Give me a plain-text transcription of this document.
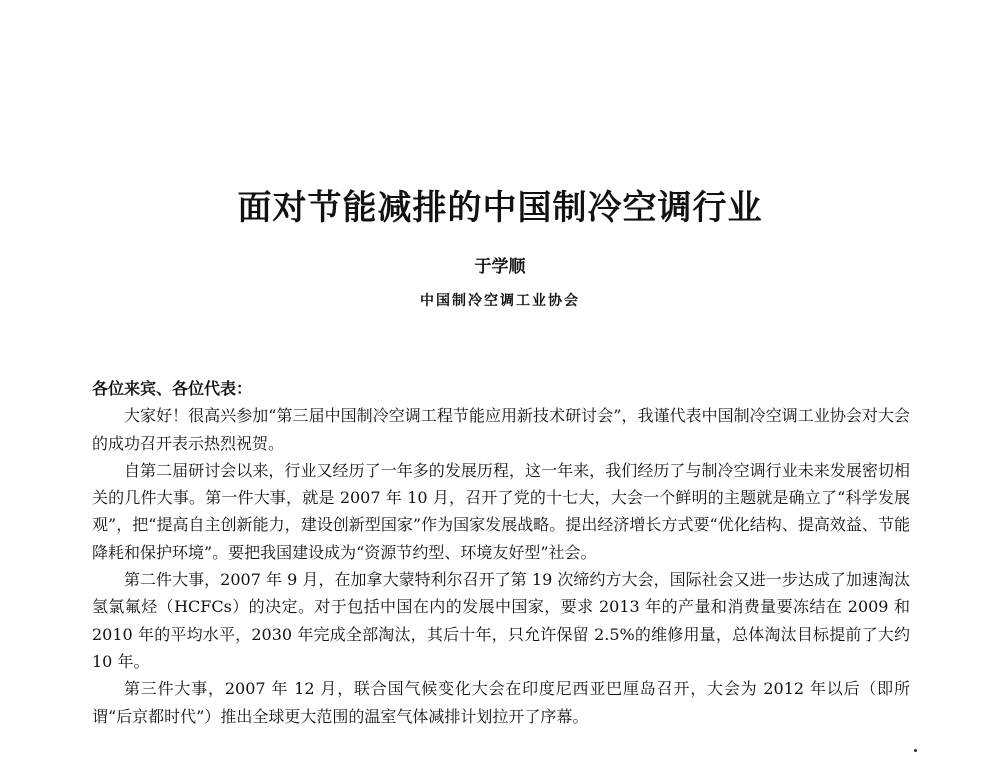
面对节能减排的中国制冷空调行业
于学顺
中国制冷空调工业协会

各位来宾、各位代表：

大家好！很高兴参加“第三届中国制冷空调工程节能应用新技术研讨会”，我谨代表中国制冷空调工业协会对大会的成功召开表示热烈祝贺。

自第二届研讨会以来，行业又经历了一年多的发展历程，这一年来，我们经历了与制冷空调行业未来发展密切相关的几件大事。第一件大事，就是 2007 年 10 月，召开了党的十七大，大会一个鲜明的主题就是确立了“科学发展观”，把“提高自主创新能力，建设创新型国家”作为国家发展战略。提出经济增长方式要“优化结构、提高效益、节能降耗和保护环境”。要把我国建设成为“资源节约型、环境友好型”社会。

第二件大事，2007 年 9 月，在加拿大蒙特利尔召开了第 19 次缔约方大会，国际社会又进一步达成了加速淘汰氢氯氟烃（HCFCs）的决定。对于包括中国在内的发展中国家，要求 2013 年的产量和消费量要冻结在 2009 和 2010 年的平均水平，2030 年完成全部淘汰，其后十年，只允许保留 2.5%的维修用量，总体淘汰目标提前了大约 10 年。

第三件大事，2007 年 12 月，联合国气候变化大会在印度尼西亚巴厘岛召开，大会为 2012 年以后（即所谓“后京都时代”）推出全球更大范围的温室气体减排计划拉开了序幕。
